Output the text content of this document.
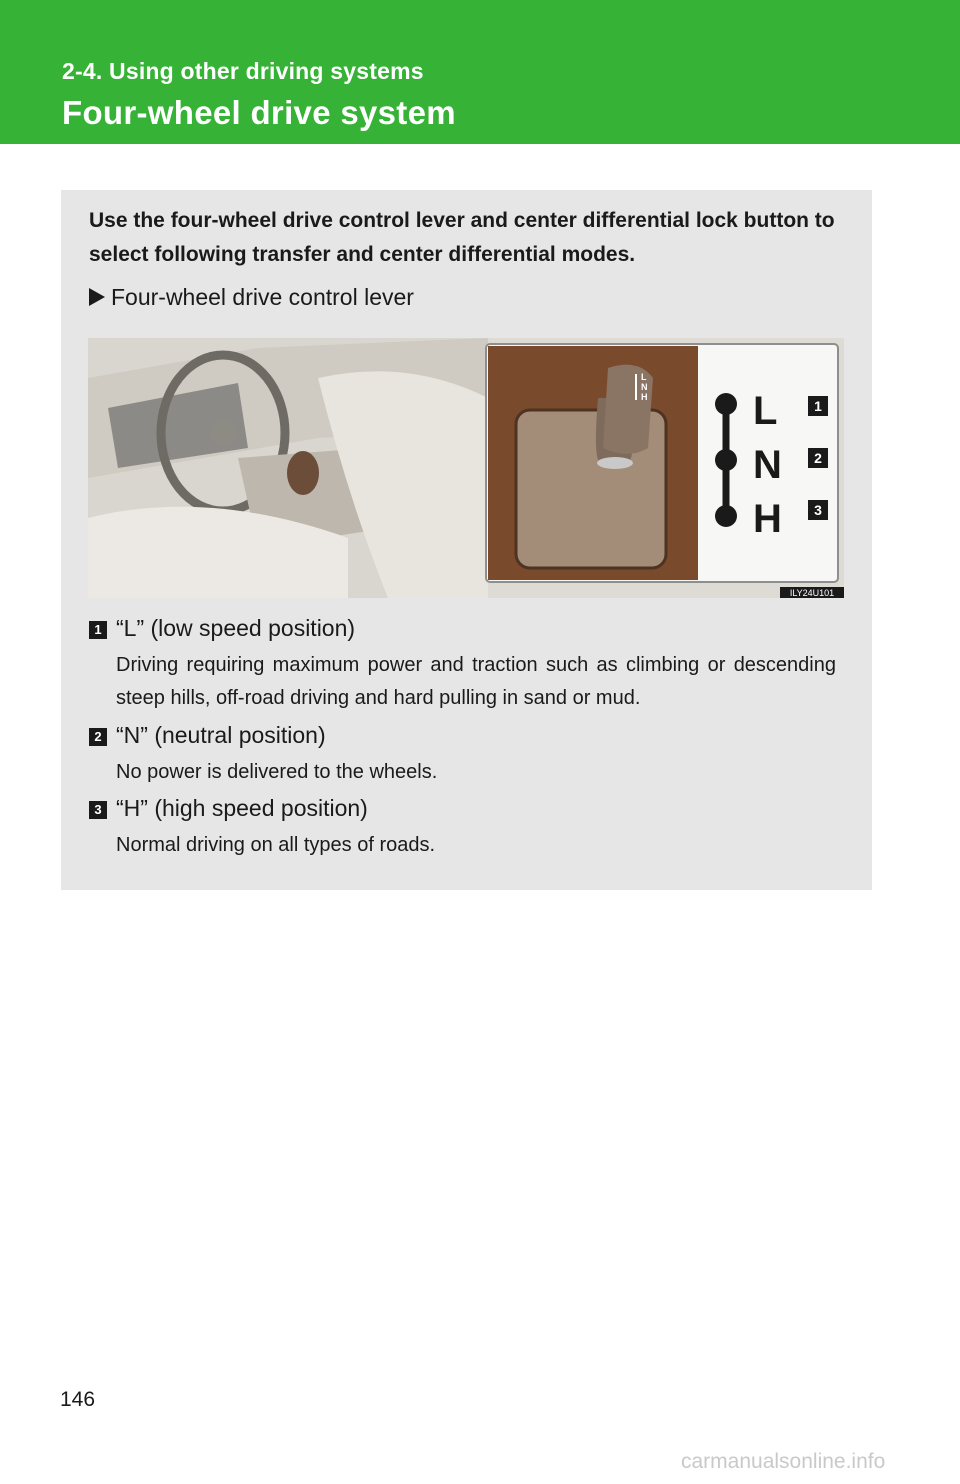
2-4. Using other driving systems
Four-wheel drive system
Use the four-wheel drive control lever and center differential lock button to select following transfer and center differential modes.
Four-wheel drive control lever
L
N
H	L
N
H
1
2
3
ILY24U101
1 “L” (low speed position)
Driving requiring maximum power and traction such as climbing or descending steep hills, off-road driving and hard pulling in sand or mud.
2 “N” (neutral position)
No power is delivered to the wheels.
3 “H” (high speed position)
Normal driving on all types of roads.
146
carmanualsonline.info
